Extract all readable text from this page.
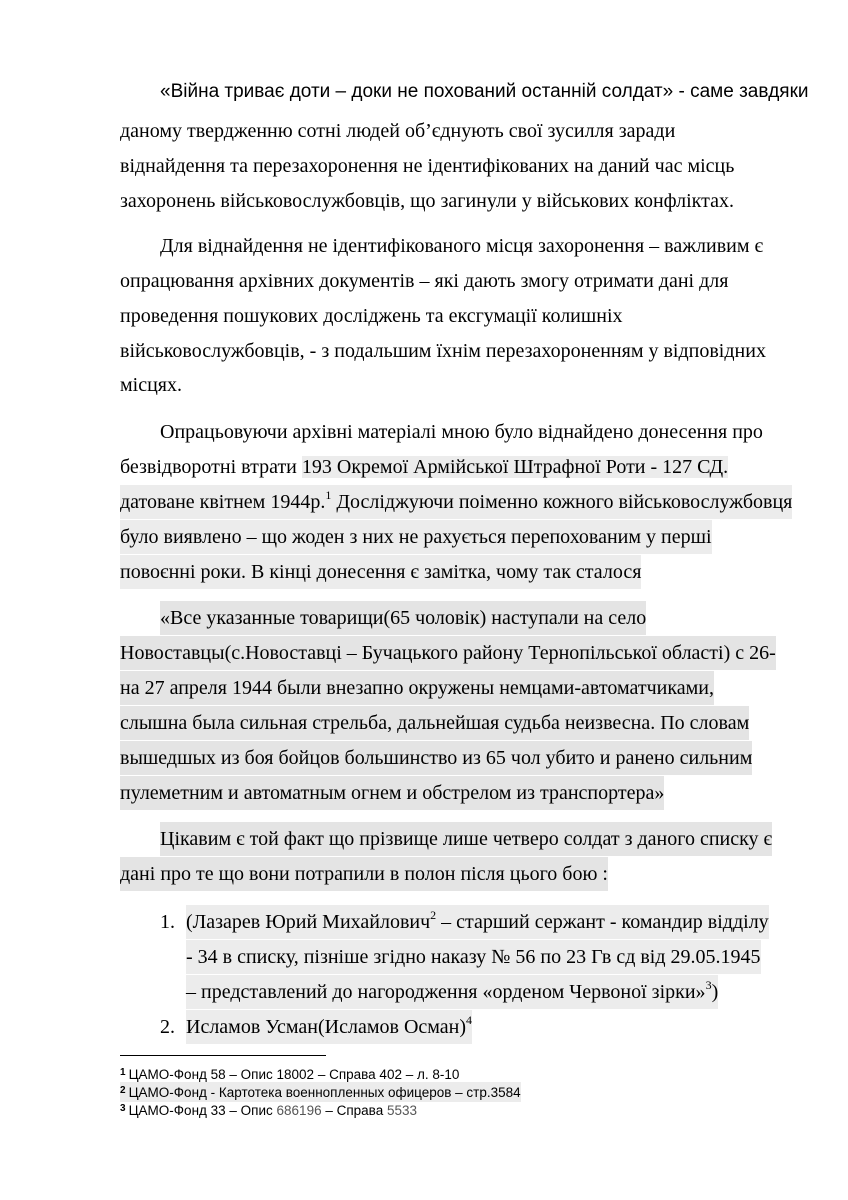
«Війна триває доти – доки не похований останній солдат» - саме завдяки
даному твердженню сотні людей об’єднують свої зусилля заради
віднайдення та перезахоронення не ідентифікованих на даний час місць
захоронень військовослужбовців, що загинули у військових конфліктах.
Для віднайдення не ідентифікованого місця захоронення – важливим є
опрацювання архівних документів – які дають змогу отримати дані для
проведення пошукових досліджень та ексгумації колишніх
військовослужбовців, - з подальшим їхнім перезахороненням у відповідних
місцях.
Опрацьовуючи архівні матеріалі мною було віднайдено донесення про
безвідворотні втрати 193 Окремої Армійської Штрафної Роти - 127 СД.
датоване квітнем 1944р.$^1$ Досліджуючи поіменно кожного військовослужбовця
було виявлено – що жоден з них не рахується перепохованим у перші
повоєнні роки. В кінці донесення є замітка, чому так сталося
«Все указанные товарищи(65 чоловік) наступали на село
Новоставцы(с.Новоставці – Бучацького району Тернопільської області) с 26-
на 27 апреля 1944 были внезапно окружены немцами-автоматчиками,
слышна была сильная стрельба, дальнейшая судьба неизвесна. По словам
вышедшых из боя бойцов большинство из 65 чол убито и ранено сильним
пулеметним и автоматным огнем и обстрелом из транспортера»
Цікавим є той факт що прізвище лише четверо солдат з даного списку є
дані про те що вони потрапили в полон після цього бою :
1. (Лазарев Юрий Михайлович$^2$ – старший сержант - командир відділу
- 34 в списку, пізніше згідно наказу № 56 по 23 Гв сд від 29.05.1945
– представлений до нагородження «орденом Червоної зірки»$^3$)
2. Исламов Усман(Исламов Осман)$^4$
$^1$ ЦАМО-Фонд 58 – Опис 18002 – Справа 402 – л. 8-10
$^2$ ЦАМО-Фонд - Картотека военнопленных офицеров – стр.3584
$^3$ ЦАМО-Фонд 33 – Опис 686196 – Справа 5533
